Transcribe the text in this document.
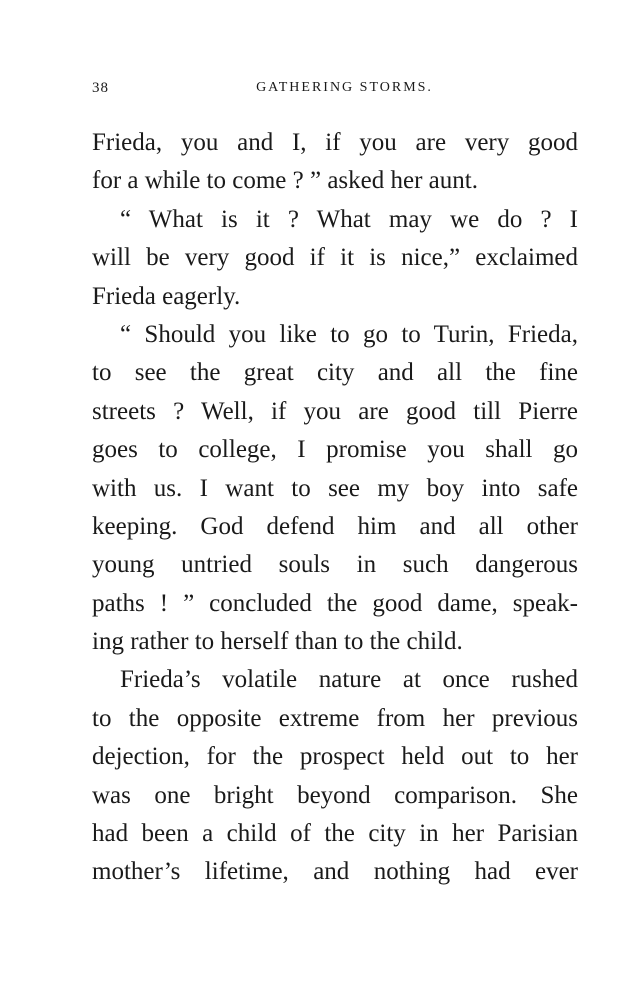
38	GATHERING STORMS.
Frieda, you and I, if you are very good
for a while to come ? ” asked her aunt.
“ What is it ? What may we do ? I
will be very good if it is nice,” exclaimed
Frieda eagerly.
“ Should you like to go to Turin, Frieda,
to see the great city and all the fine
streets ? Well, if you are good till Pierre
goes to college, I promise you shall go
with us. I want to see my boy into safe
keeping. God defend him and all other
young untried souls in such dangerous
paths ! ” concluded the good dame, speak-
ing rather to herself than to the child.
Frieda’s volatile nature at once rushed
to the opposite extreme from her previous
dejection, for the prospect held out to her
was one bright beyond comparison. She
had been a child of the city in her Parisian
mother’s lifetime, and nothing had ever
